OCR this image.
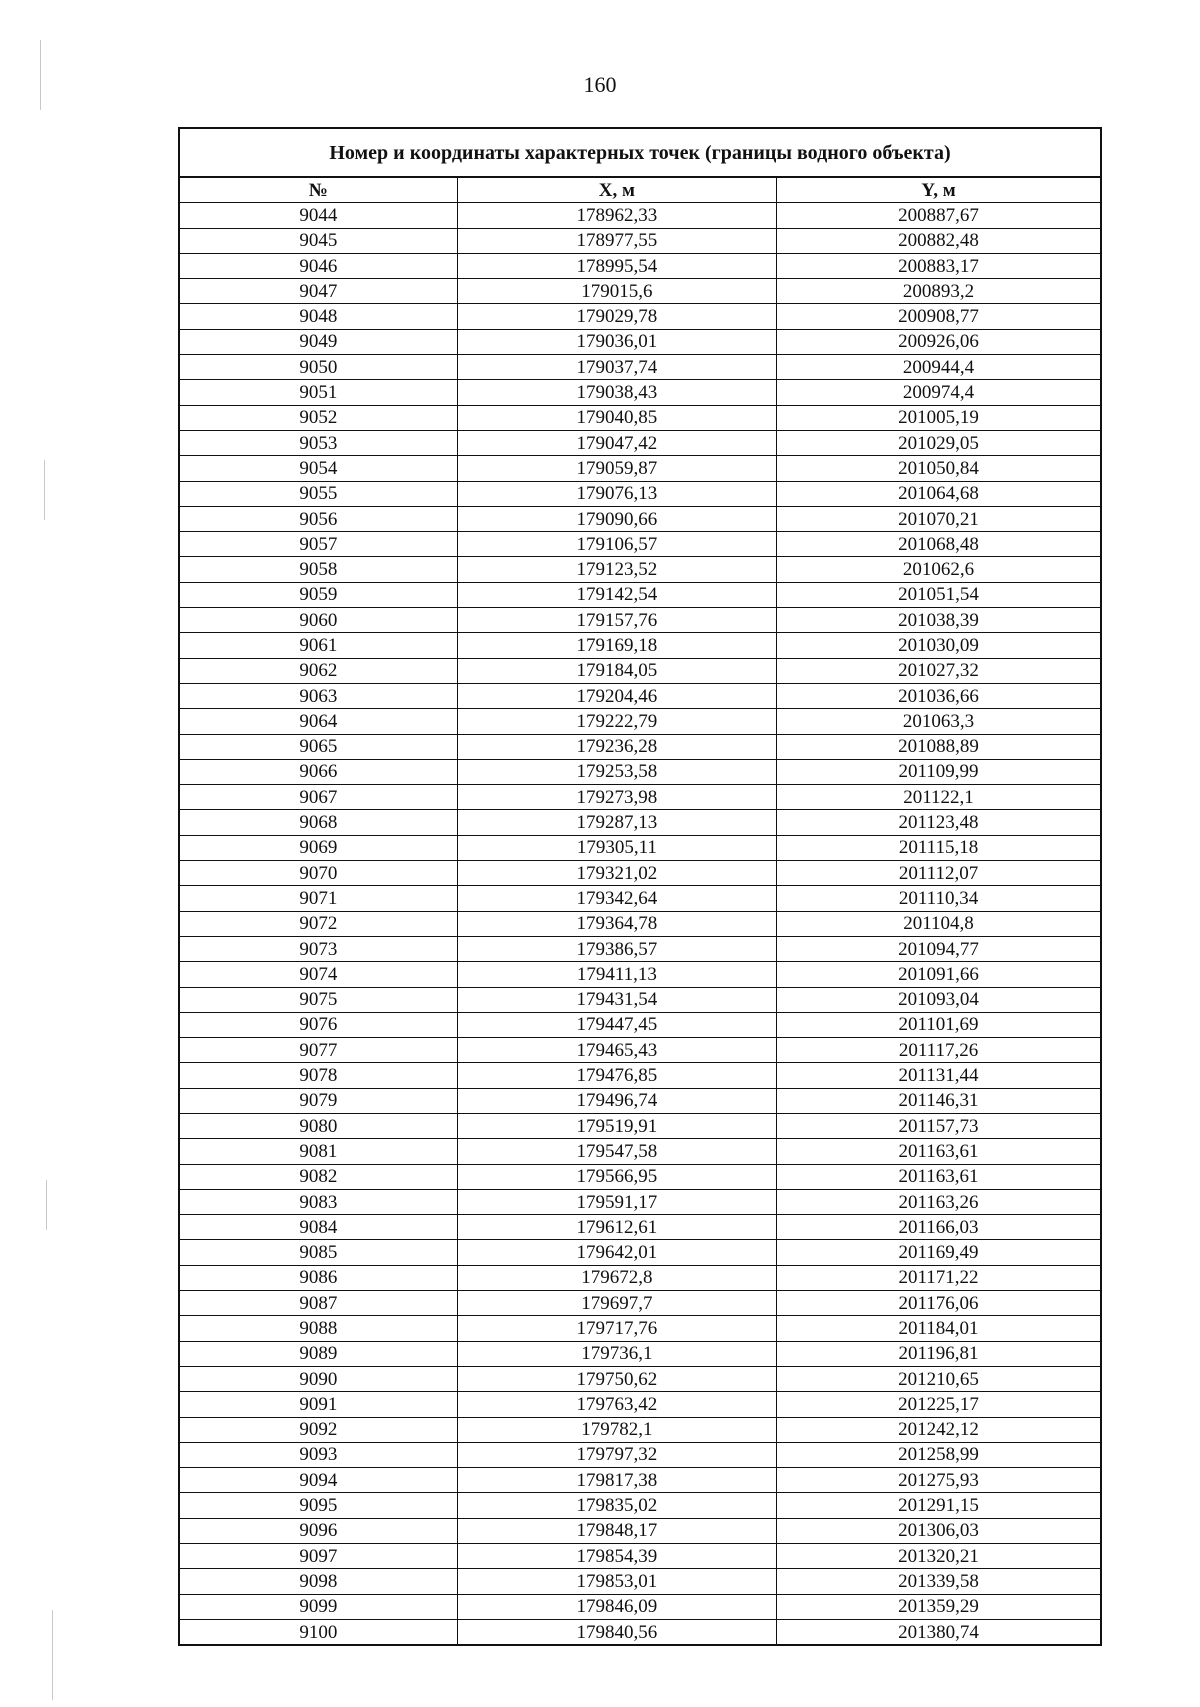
160
Номер и координаты характерных точек (границы водного объекта)
№	X, м	Y, м
9044	178962,33	200887,67
9045	178977,55	200882,48
9046	178995,54	200883,17
9047	179015,6	200893,2
9048	179029,78	200908,77
9049	179036,01	200926,06
9050	179037,74	200944,4
9051	179038,43	200974,4
9052	179040,85	201005,19
9053	179047,42	201029,05
9054	179059,87	201050,84
9055	179076,13	201064,68
9056	179090,66	201070,21
9057	179106,57	201068,48
9058	179123,52	201062,6
9059	179142,54	201051,54
9060	179157,76	201038,39
9061	179169,18	201030,09
9062	179184,05	201027,32
9063	179204,46	201036,66
9064	179222,79	201063,3
9065	179236,28	201088,89
9066	179253,58	201109,99
9067	179273,98	201122,1
9068	179287,13	201123,48
9069	179305,11	201115,18
9070	179321,02	201112,07
9071	179342,64	201110,34
9072	179364,78	201104,8
9073	179386,57	201094,77
9074	179411,13	201091,66
9075	179431,54	201093,04
9076	179447,45	201101,69
9077	179465,43	201117,26
9078	179476,85	201131,44
9079	179496,74	201146,31
9080	179519,91	201157,73
9081	179547,58	201163,61
9082	179566,95	201163,61
9083	179591,17	201163,26
9084	179612,61	201166,03
9085	179642,01	201169,49
9086	179672,8	201171,22
9087	179697,7	201176,06
9088	179717,76	201184,01
9089	179736,1	201196,81
9090	179750,62	201210,65
9091	179763,42	201225,17
9092	179782,1	201242,12
9093	179797,32	201258,99
9094	179817,38	201275,93
9095	179835,02	201291,15
9096	179848,17	201306,03
9097	179854,39	201320,21
9098	179853,01	201339,58
9099	179846,09	201359,29
9100	179840,56	201380,74
